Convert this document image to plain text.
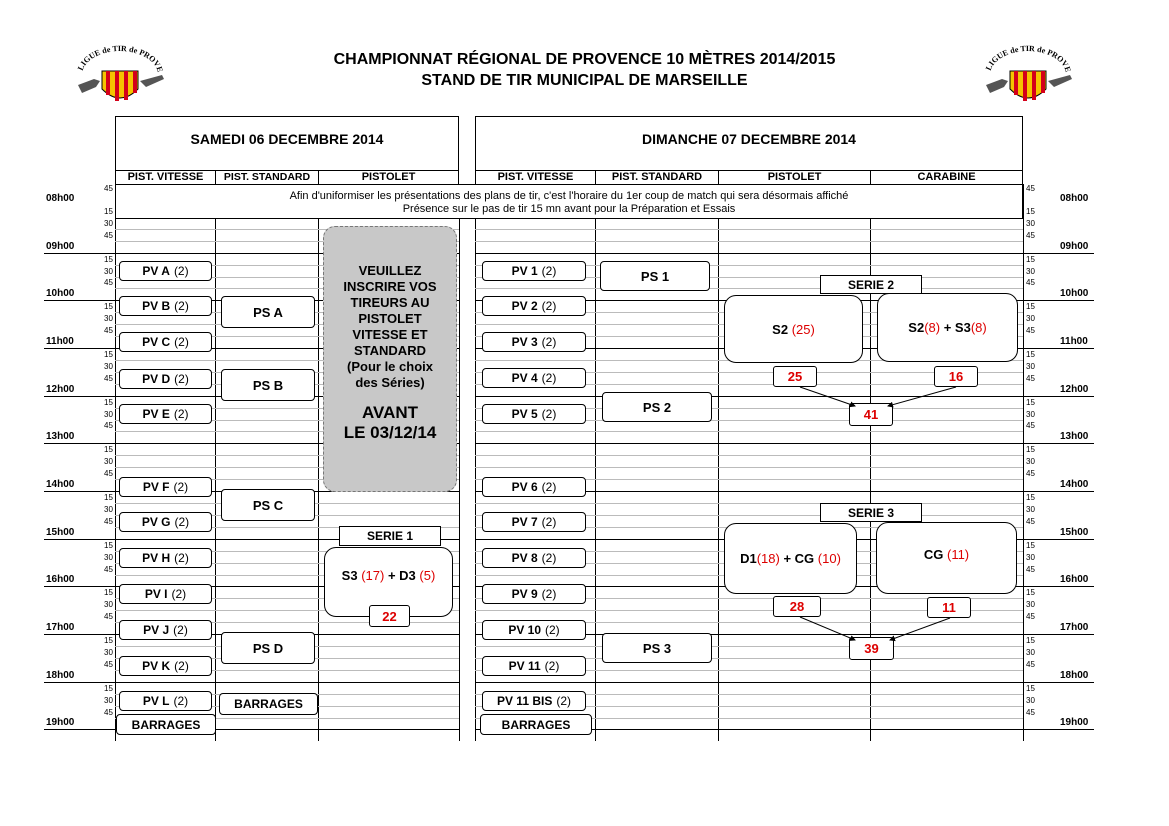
CHAMPIONNAT RÉGIONAL DE PROVENCE 10 MÈTRES 2014/2015
STAND DE TIR MUNICIPAL DE MARSEILLE
LIGUE de TIR de PROVE	LIGUE de TIR de PROVE
08h00	08h00
15	15
30	30
45	45
09h00	09h00
15	15
30	30
45	45
10h00	10h00
15	15
30	30
45	45
11h00	11h00
15	15
30	30
45	45
12h00	12h00
15	15
30	30
45	45
13h00	13h00
15	15
30	30
45	45
14h00	14h00
15	15
30	30
45	45
15h00	15h00
15	15
30	30
45	45
16h00	16h00
15	15
30	30
45	45
17h00	17h00
15	15
30	30
45	45
18h00	18h00
15	15
30	30
45	45
19h00	19h00
45	45
SAMEDI 06 DECEMBRE 2014	DIMANCHE 07 DECEMBRE 2014
PIST. VITESSE	PIST. STANDARD	PISTOLET	PIST. VITESSE	PIST. STANDARD	PISTOLET	CARABINE
Afin d'uniformiser les présentations des plans de tir, c'est l'horaire du 1er coup de match qui sera désormais affiché
Présence sur le pas de tir 15 mn avant pour la Préparation et Essais
PV A (2)
PV B (2)
PV C (2)
PV D (2)
PV E (2)
PV F (2)
PV G (2)
PV H (2)
PV I (2)
PV J (2)
PV K (2)
PV L (2)
BARRAGES
PS A
PS B
PS C
PS D
BARRAGES
VEUILLEZ INSCRIRE VOS TIREURS AU PISTOLET VITESSE ET STANDARD
(Pour le choix des Séries)
AVANT
LE 03/12/14
SERIE 1
S3
(17)
+
D3
(5)
22
PV 1 (2)
PV 2 (2)
PV 3 (2)
PV 4 (2)
PV 5 (2)
PV 6 (2)
PV 7 (2)
PV 8 (2)
PV 9 (2)
PV 10 (2)
PV 11 (2)
PV 11 BIS (2)
BARRAGES
PS 1
PS 2
PS 3
SERIE 2
S2
(25)	S2 (8)
+
S3 (8)
25	16
41
SERIE 3
D1 (18)
+
CG
(10)	CG
(11)
28	11
39
